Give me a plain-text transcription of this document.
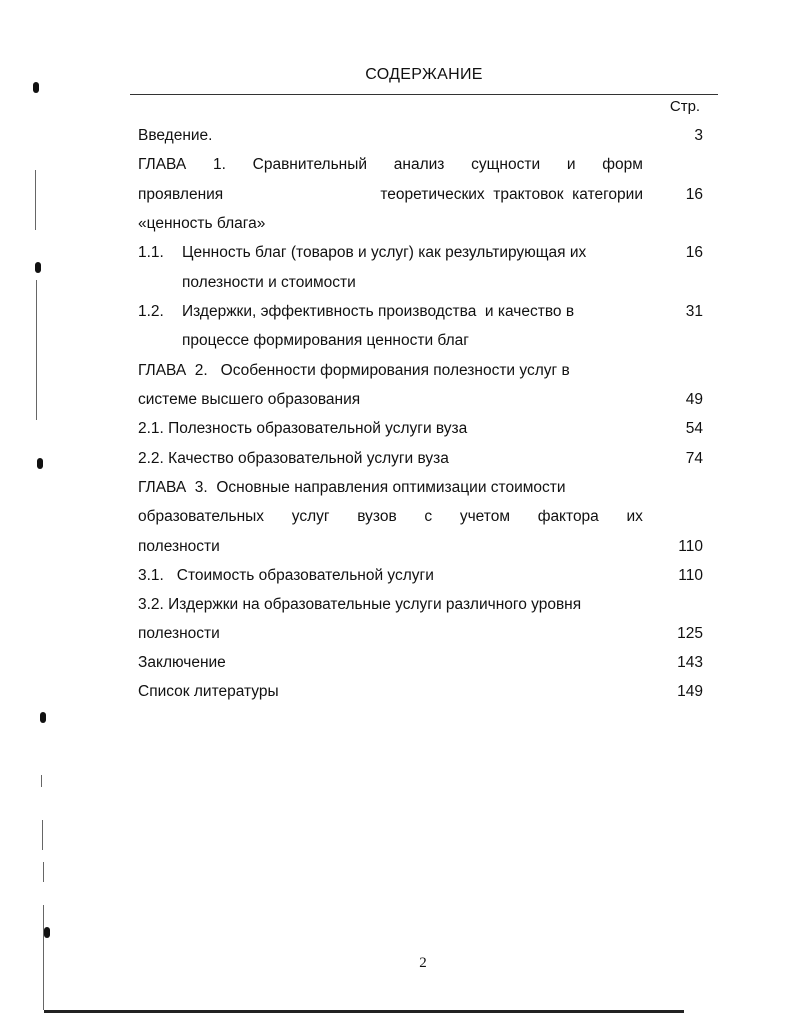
СОДЕРЖАНИЕ
Стр.
Введение.	3
ГЛАВА 1. Сравнительный анализ сущности и форм
проявления	теоретических трактовок категории	16
«ценность блага»
1.1. Ценность благ (товаров и услуг) как результирующая их	16
полезности и стоимости
1.2. Издержки, эффективность производства  и качество в	31
процессе формирования ценности благ
ГЛАВА  2.   Особенности формирования полезности услуг в
системе высшего образования	49
2.1. Полезность образовательной услуги вуза	54
2.2. Качество образовательной услуги вуза	74
ГЛАВА  3.  Основные направления оптимизации стоимости
образовательных услуг вузов с учетом фактора их
полезности	110
3.1.   Стоимость образовательной услуги	110
3.2. Издержки на образовательные услуги различного уровня
полезности	125
Заключение	143
Список литературы	149
2
